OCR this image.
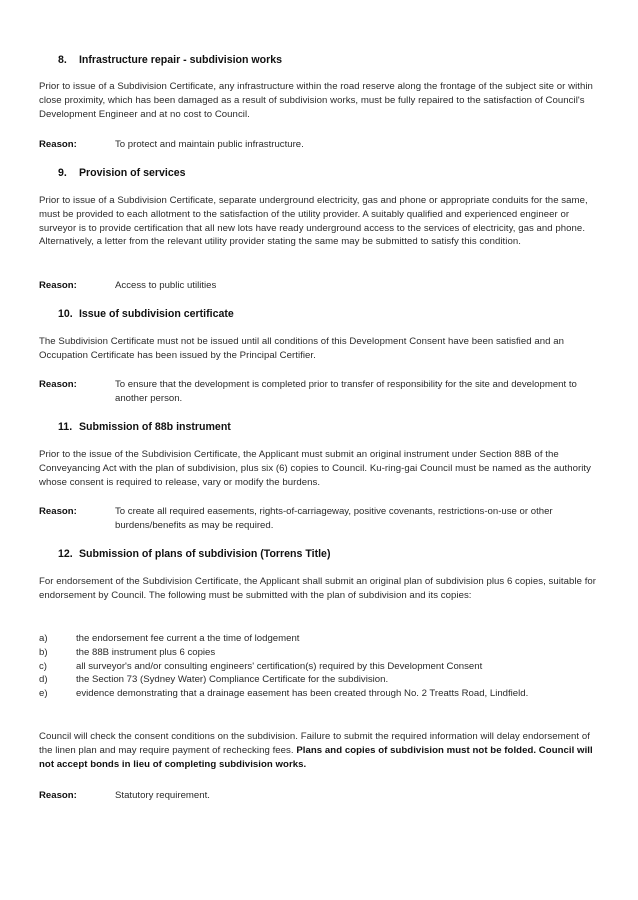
8. Infrastructure repair - subdivision works
Prior to issue of a Subdivision Certificate, any infrastructure within the road reserve along the frontage of the subject site or within close proximity, which has been damaged as a result of subdivision works, must be fully repaired to the satisfaction of Council's Development Engineer and at no cost to Council.
Reason:	To protect and maintain public infrastructure.
9. Provision of services
Prior to issue of a Subdivision Certificate, separate underground electricity, gas and phone or appropriate conduits for the same, must be provided to each allotment to the satisfaction of the utility provider. A suitably qualified and experienced engineer or surveyor is to provide certification that all new lots have ready underground access to the services of electricity, gas and phone. Alternatively, a letter from the relevant utility provider stating the same may be submitted to satisfy this condition.
Reason:	Access to public utilities
10. Issue of subdivision certificate
The Subdivision Certificate must not be issued until all conditions of this Development Consent have been satisfied and an Occupation Certificate has been issued by the Principal Certifier.
Reason:	To ensure that the development is completed prior to transfer of responsibility for the site and development to another person.
11. Submission of 88b instrument
Prior to the issue of the Subdivision Certificate, the Applicant must submit an original instrument under Section 88B of the Conveyancing Act with the plan of subdivision, plus six (6) copies to Council. Ku-ring-gai Council must be named as the authority whose consent is required to release, vary or modify the burdens.
Reason:	To create all required easements, rights-of-carriageway, positive covenants, restrictions-on-use or other burdens/benefits as may be required.
12. Submission of plans of subdivision (Torrens Title)
For endorsement of the Subdivision Certificate, the Applicant shall submit an original plan of subdivision plus 6 copies, suitable for endorsement by Council. The following must be submitted with the plan of subdivision and its copies:
a)	the endorsement fee current a the time of lodgement
b)	the 88B instrument plus 6 copies
c)	all surveyor's and/or consulting engineers' certification(s) required by this Development Consent
d)	the Section 73 (Sydney Water) Compliance Certificate for the subdivision.
e)	evidence demonstrating that a drainage easement has been created through No. 2 Treatts Road, Lindfield.
Council will check the consent conditions on the subdivision. Failure to submit the required information will delay endorsement of the linen plan and may require payment of rechecking fees. Plans and copies of subdivision must not be folded. Council will not accept bonds in lieu of completing subdivision works.
Reason:	Statutory requirement.
